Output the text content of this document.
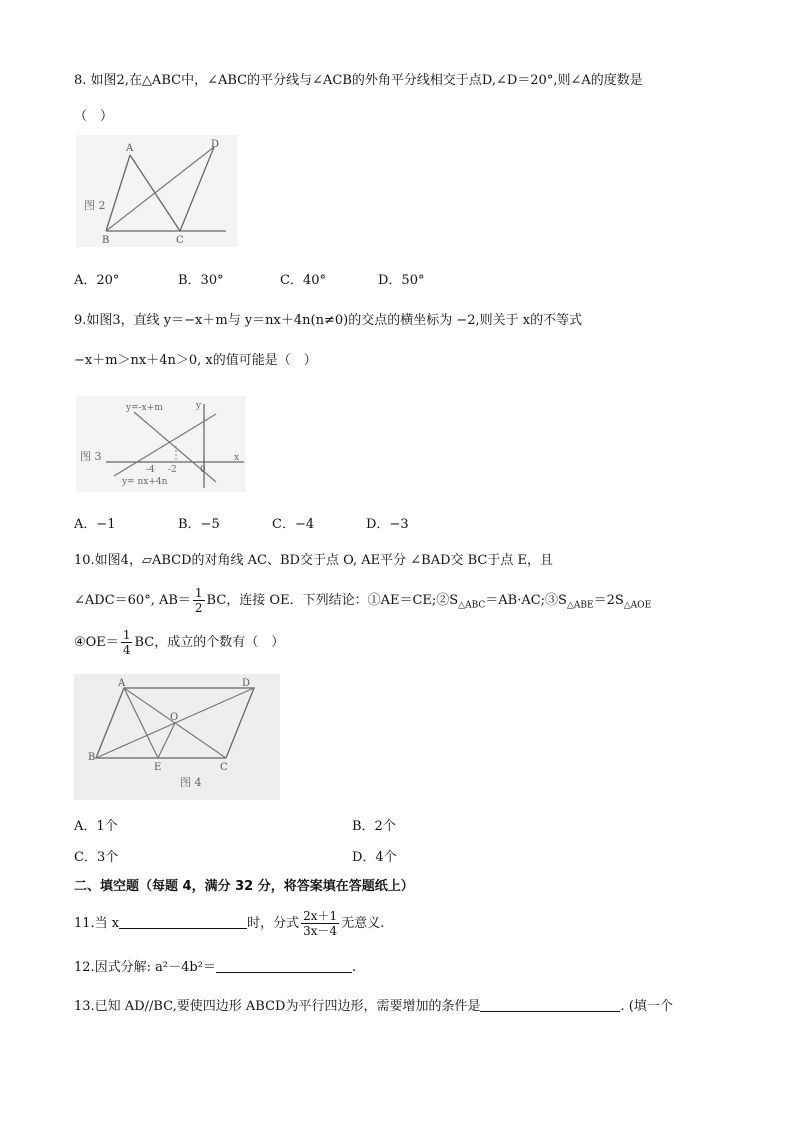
8. 如图2,在△ABC中，∠ABC的平分线与∠ACB的外角平分线相交于点D,∠D＝20°,则∠A的度数是
（　）
A	D
B	C
图 2
A．20°	B．30°	C．40°	D．50°
9.如图3，直线 y＝−x＋m与 y＝nx＋4n(n≠0)的交点的横坐标为 −2,则关于 x的不等式
−x＋m＞nx＋4n＞0, x的值可能是（　）
y=-x+m
y= nx+4n
y
x
-4 -2	0
图 3
A．−1	B．−5	C．−4	D．−3
10.如图4，▱ABCD的对角线 AC、BD交于点 O, AE平分 ∠BAD交 BC于点 E，且
∠ADC＝60°, $AB= \frac{1}{2}$ BC，连接 OE．下列结论：$①AE=CE;②S_{\triangle ABC}=AB\cdot AC;③S_{\triangle ABE}=2S_{\triangle AOE}$
④OE＝ $\frac{1}{4}$ BC，成立的个数有（　）
A	D
B
C
E
O
图 4
A．1个	B．2个
C．3个	D．4个
二、填空题（每题 4，满分 32 分，将答案填在答题纸上）
11.当 x	时，分式 $\frac{2x+1}{3x-4}$ 无意义.
12.因式分解: a²－4b²＝	.
13.已知 AD//BC,要使四边形 ABCD为平行四边形，需要增加的条件是	. (填一个
